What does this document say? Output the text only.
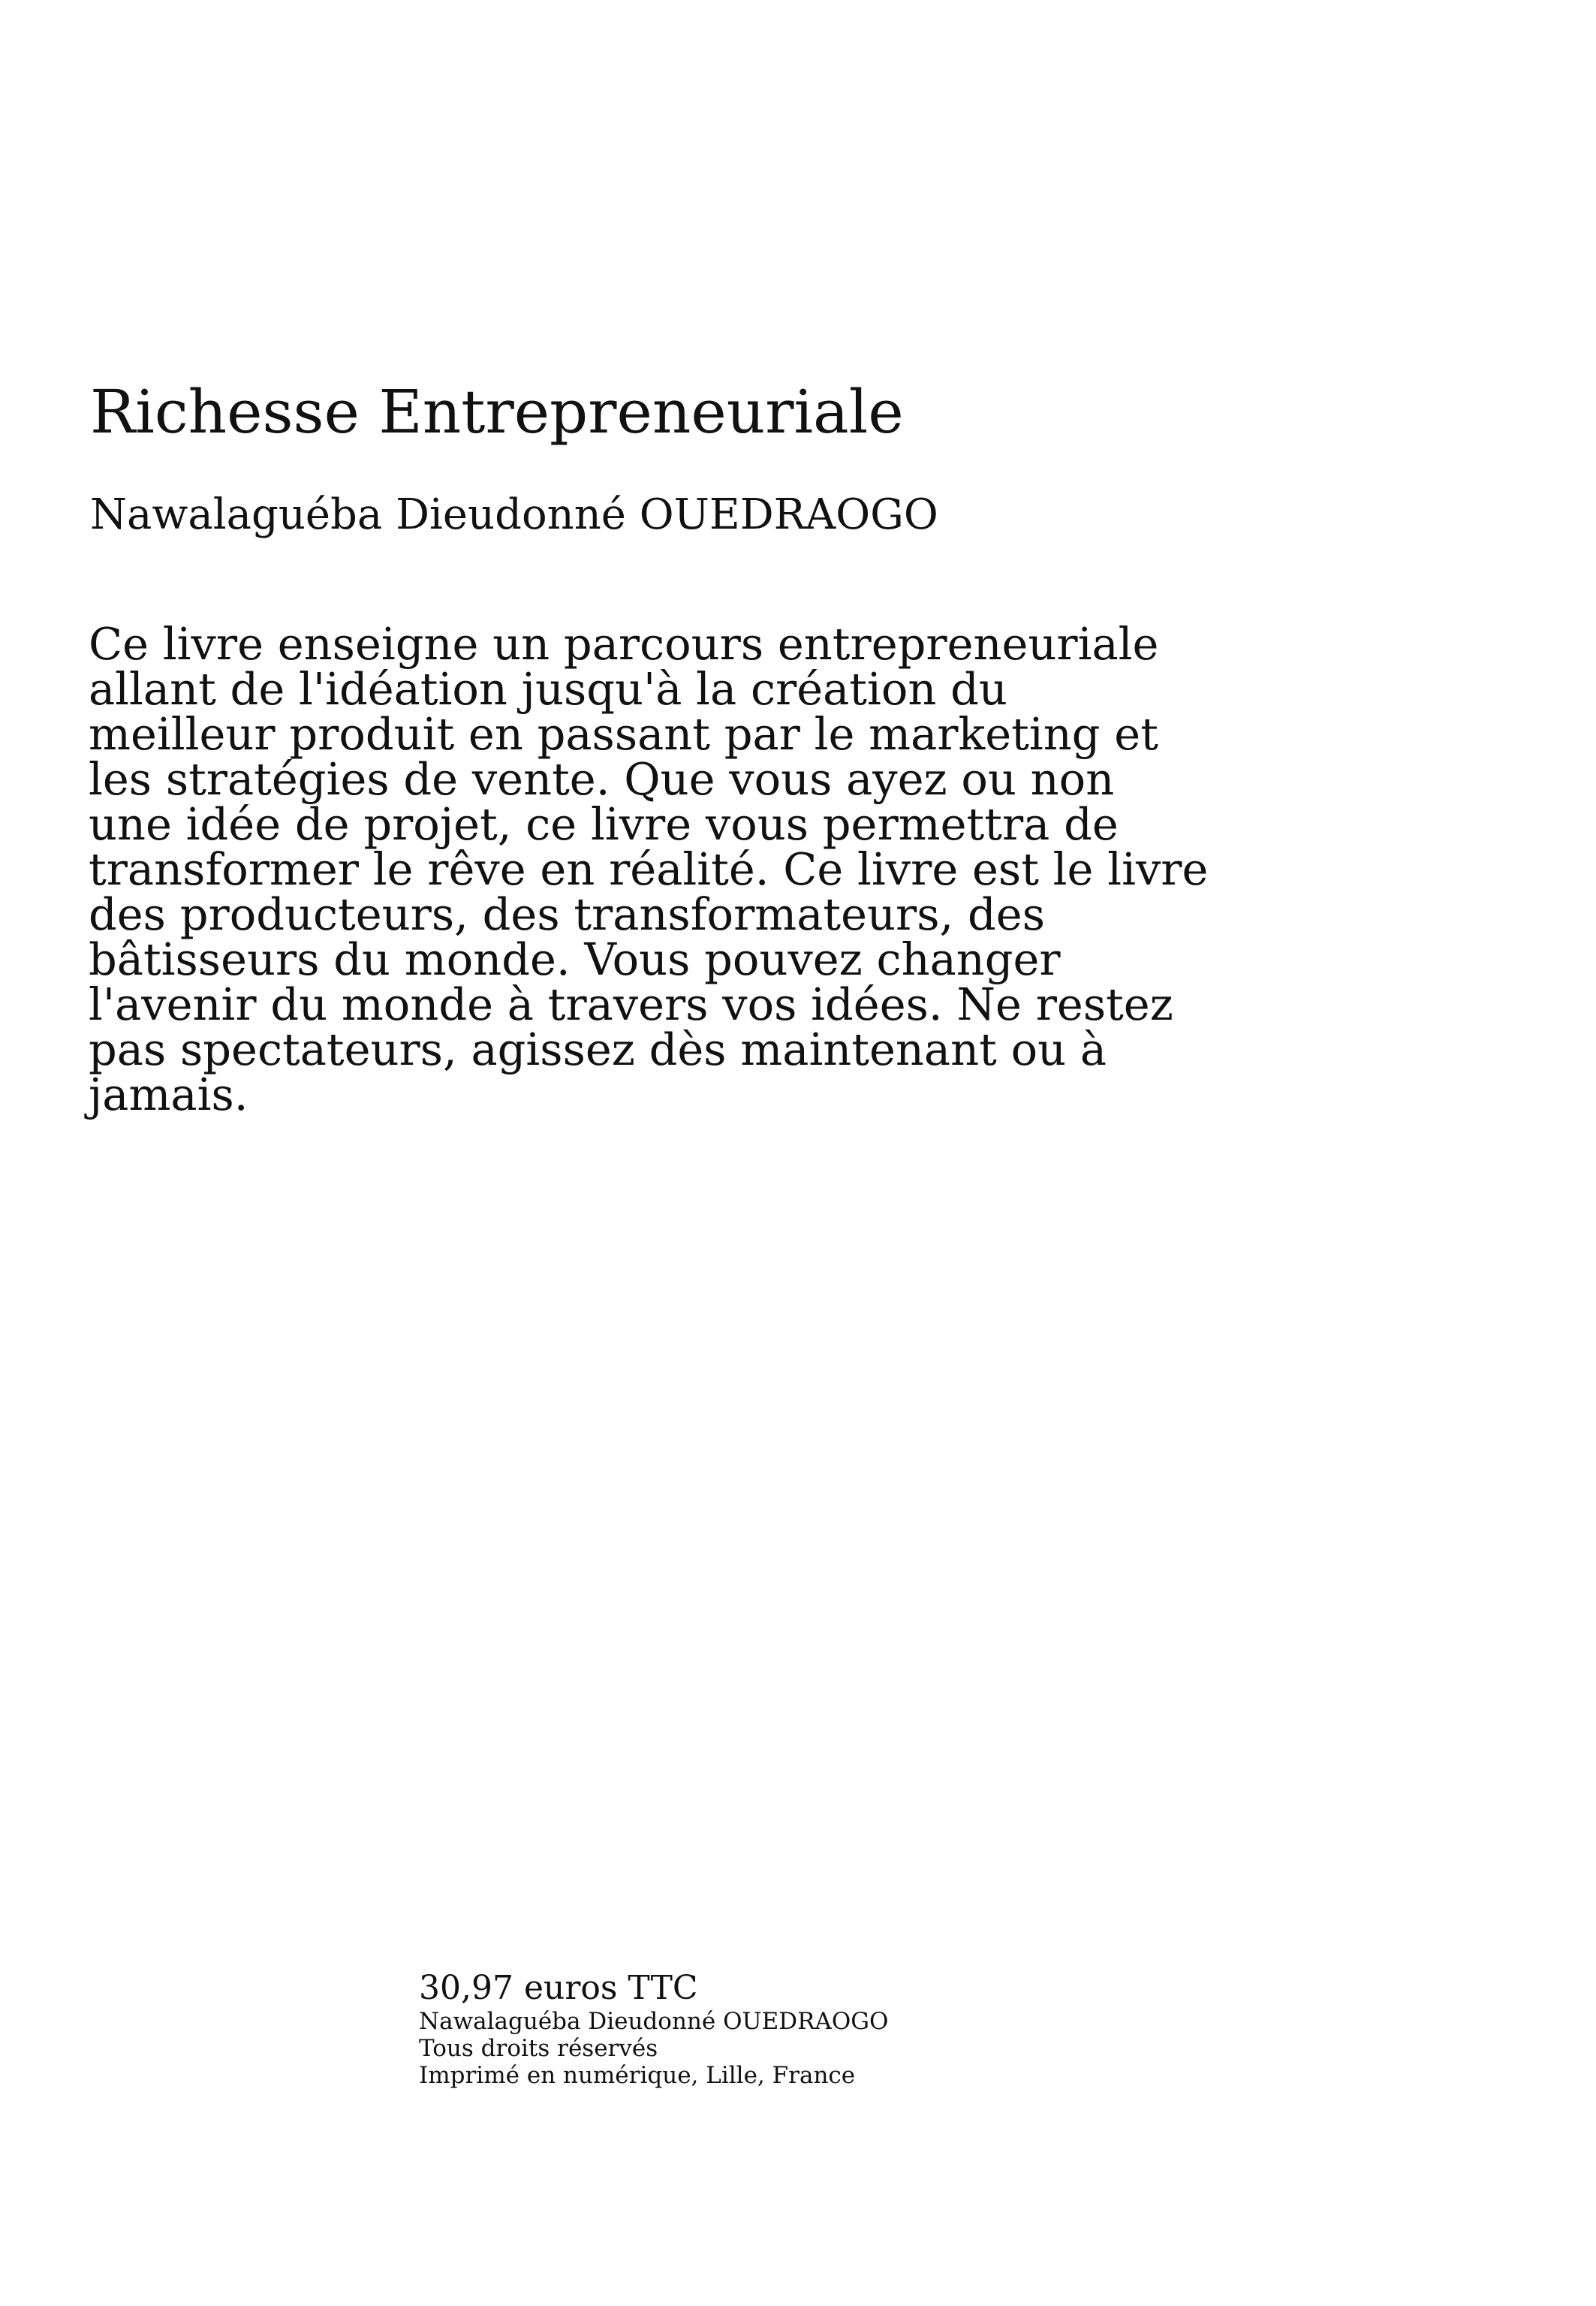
Richesse Entrepreneuriale

Nawalaguéba Dieudonné OUEDRAOGO

Ce livre enseigne un parcours entrepreneuriale
allant de l'idéation jusqu'à la création du
meilleur produit en passant par le marketing et
les stratégies de vente. Que vous ayez ou non
une idée de projet, ce livre vous permettra de
transformer le rêve en réalité. Ce livre est le livre
des producteurs, des transformateurs, des
bâtisseurs du monde. Vous pouvez changer
l'avenir du monde à travers vos idées. Ne restez
pas spectateurs, agissez dès maintenant ou à
jamais.
30,97 euros TTC
Nawalaguéba Dieudonné OUEDRAOGO
Tous droits réservés
Imprimé en numérique, Lille, France
